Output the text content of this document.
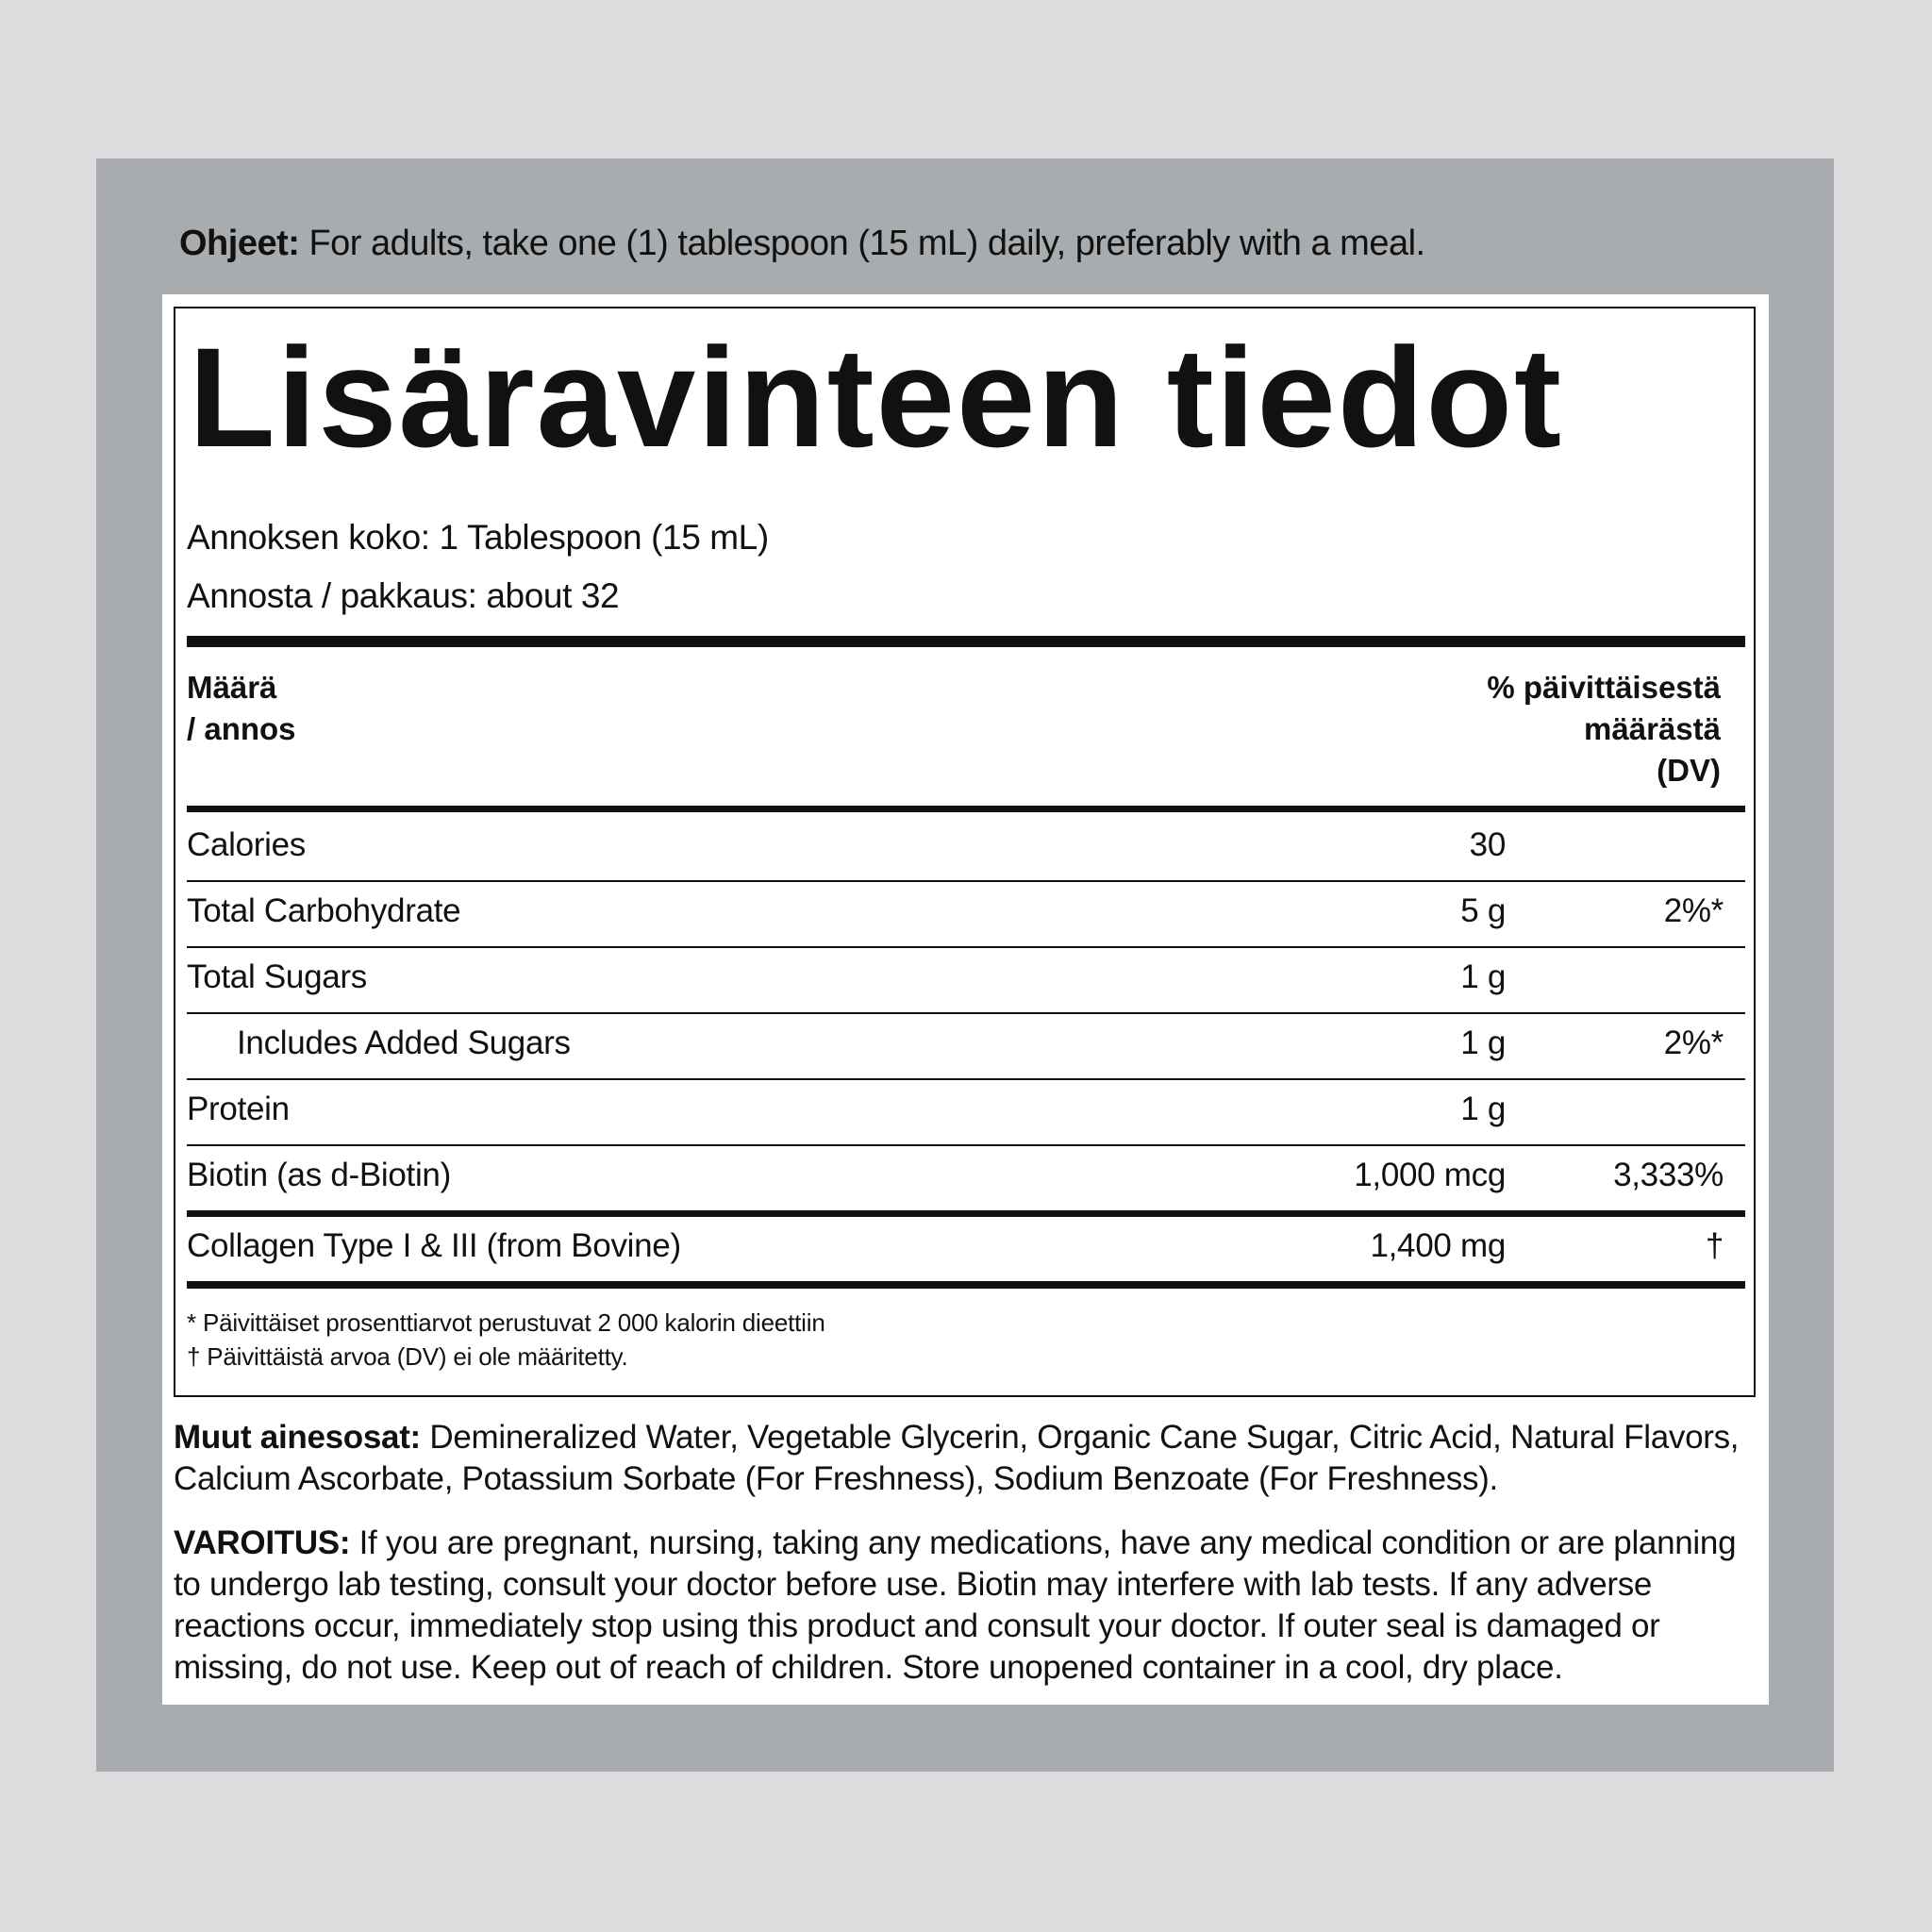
Ohjeet: For adults, take one (1) tablespoon (15 mL) daily, preferably with a meal.
Lisäravinteen tiedot
Annoksen koko: 1 Tablespoon (15 mL)
Annosta / pakkaus: about 32
Määrä
/ annos
% päivittäisestä
määrästä
(DV)
Calories	30
Total Carbohydrate	5 g	2%*
Total Sugars	1 g
Includes Added Sugars	1 g	2%*
Protein	1 g
Biotin (as d-Biotin)	1,000 mcg	3,333%
Collagen Type I & III (from Bovine)	1,400 mg	†
* Päivittäiset prosenttiarvot perustuvat 2 000 kalorin dieettiin
† Päivittäistä arvoa (DV) ei ole määritetty.
Muut ainesosat: Demineralized Water, Vegetable Glycerin, Organic Cane Sugar, Citric Acid, Natural Flavors, Calcium Ascorbate, Potassium Sorbate (For Freshness), Sodium Benzoate (For Freshness).
VAROITUS: If you are pregnant, nursing, taking any medications, have any medical condition or are planning to undergo lab testing, consult your doctor before use. Biotin may interfere with lab tests. If any adverse reactions occur, immediately stop using this product and consult your doctor. If outer seal is damaged or missing, do not use. Keep out of reach of children. Store unopened container in a cool, dry place.
